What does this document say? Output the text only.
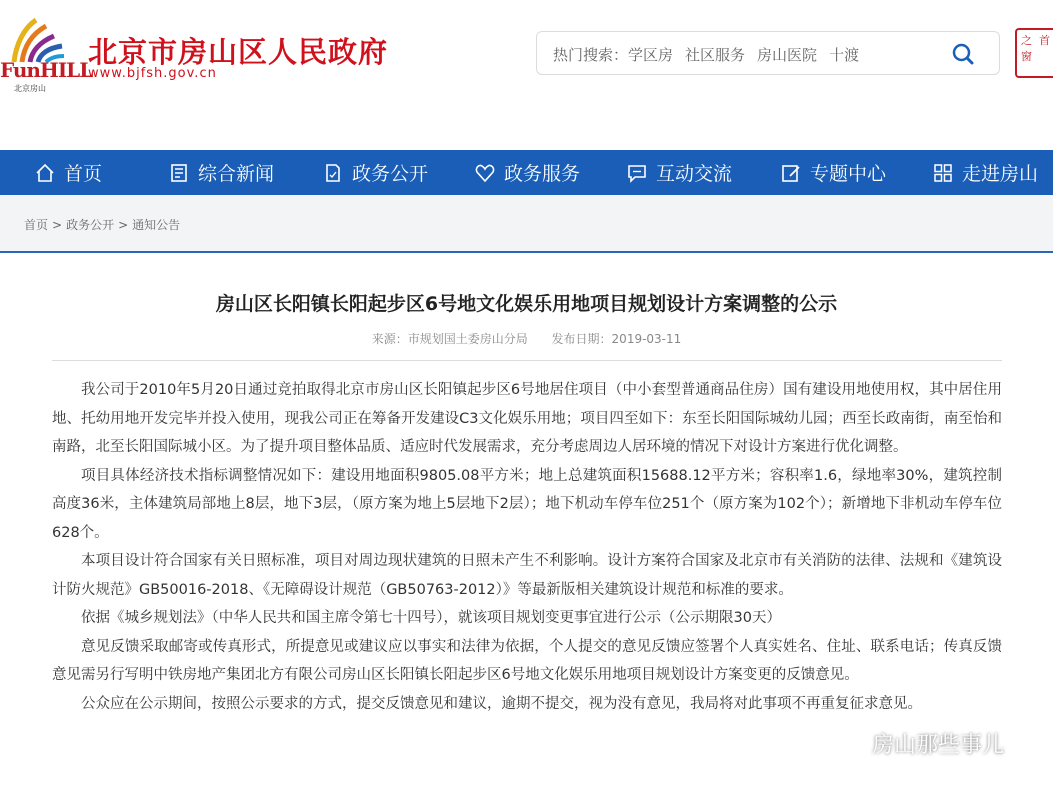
FunHILL
北京房山
北京市房山区人民政府
www.bjfsh.gov.cn
热门搜索：学区房 社区服务 房山医院 十渡
之
窗
首
首页	综合新闻	政务公开	政务服务	互动交流	专题中心	走进房山
首页 > 政务公开 > 通知公告
房山区长阳镇长阳起步区6号地文化娱乐用地项目规划设计方案调整的公示
来源：市规划国土委房山分局 发布日期：2019-03-11

我公司于2010年5月20日通过竞拍取得北京市房山区长阳镇起步区6号地居住项目（中小套型普通商品住房）国有建设用地使用权，其中居住用地、托幼用地开发完毕并投入使用，现我公司正在筹备开发建设C3文化娱乐用地；项目四至如下：东至长阳国际城幼儿园；西至长政南街，南至怡和南路，北至长阳国际城小区。为了提升项目整体品质、适应时代发展需求，充分考虑周边人居环境的情况下对设计方案进行优化调整。

项目具体经济技术指标调整情况如下：建设用地面积9805.08平方米；地上总建筑面积15688.12平方米；容积率1.6，绿地率30%，建筑控制高度36米，主体建筑局部地上8层，地下3层，（原方案为地上5层地下2层）；地下机动车停车位251个（原方案为102个）；新增地下非机动车停车位628个。

本项目设计符合国家有关日照标准，项目对周边现状建筑的日照未产生不利影响。设计方案符合国家及北京市有关消防的法律、法规和《建筑设计防火规范》GB50016-2018、《无障碍设计规范（GB50763-2012）》等最新版相关建筑设计规范和标准的要求。

依据《城乡规划法》（中华人民共和国主席令第七十四号），就该项目规划变更事宜进行公示（公示期限30天）

意见反馈采取邮寄或传真形式，所提意见或建议应以事实和法律为依据，个人提交的意见反馈应签署个人真实姓名、住址、联系电话；传真反馈意见需另行写明中铁房地产集团北方有限公司房山区长阳镇长阳起步区6号地文化娱乐用地项目规划设计方案变更的反馈意见。

公众应在公示期间，按照公示要求的方式，提交反馈意见和建议，逾期不提交，视为没有意见，我局将对此事项不再重复征求意见。

房山那些事儿
